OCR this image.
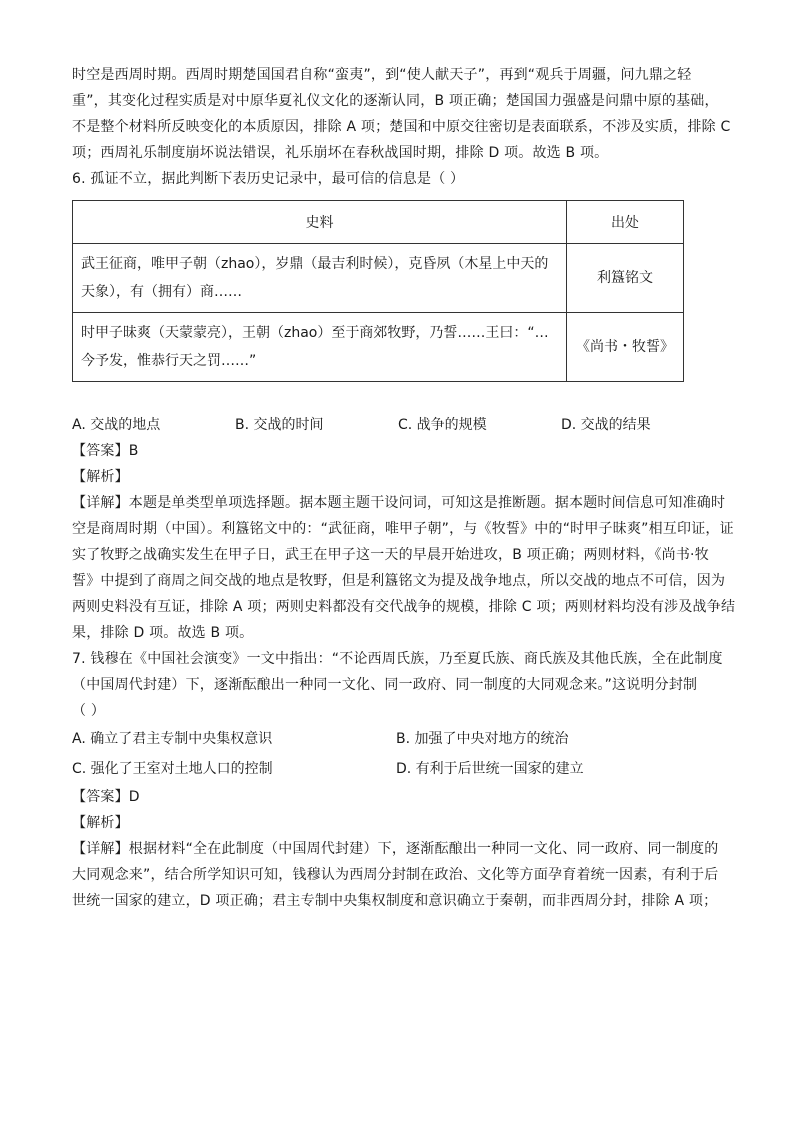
时空是西周时期。西周时期楚国国君自称“蛮夷”，到“使人献天子”，再到“观兵于周疆，问九鼎之轻
重”，其变化过程实质是对中原华夏礼仪文化的逐渐认同，B 项正确；楚国国力强盛是问鼎中原的基础，
不是整个材料所反映变化的本质原因，排除 A 项；楚国和中原交往密切是表面联系，不涉及实质，排除 C
项；西周礼乐制度崩坏说法错误，礼乐崩坏在春秋战国时期，排除 D 项。故选 B 项。
6. 孤证不立，据此判断下表历史记录中，最可信的信息是（ ）
史料	出处
武王征商，唯甲子朝（zhao），岁鼎（最吉利时候），克昏夙（木星上中天的天象），有（拥有）商……	利簋铭文
时甲子昧爽（天蒙蒙亮），王朝（zhao）至于商郊牧野，乃誓……王曰：“…今予发，惟恭行天之罚……”	《尚书・牧誓》
A. 交战的地点	B. 交战的时间	C. 战争的规模	D. 交战的结果
【答案】B
【解析】
【详解】本题是单类型单项选择题。据本题主题干设问词，可知这是推断题。据本题时间信息可知准确时
空是商周时期（中国）。利簋铭文中的：“武征商，唯甲子朝”，与《牧誓》中的“时甲子昧爽”相互印证，证
实了牧野之战确实发生在甲子日，武王在甲子这一天的早晨开始进攻，B 项正确；两则材料，《尚书·牧
誓》中提到了商周之间交战的地点是牧野，但是利簋铭文为提及战争地点，所以交战的地点不可信，因为
两则史料没有互证，排除 A 项；两则史料都没有交代战争的规模，排除 C 项；两则材料均没有涉及战争结
果，排除 D 项。故选 B 项。
7. 钱穆在《中国社会演变》一文中指出：“不论西周氏族，乃至夏氏族、商氏族及其他氏族，全在此制度
（中国周代封建）下，逐渐酝酿出一种同一文化、同一政府、同一制度的大同观念来。”这说明分封制
（ ）
A. 确立了君主专制中央集权意识	B. 加强了中央对地方的统治
C. 强化了王室对土地人口的控制	D. 有利于后世统一国家的建立
【答案】D
【解析】
【详解】根据材料“全在此制度（中国周代封建）下，逐渐酝酿出一种同一文化、同一政府、同一制度的
大同观念来”，结合所学知识可知，钱穆认为西周分封制在政治、文化等方面孕育着统一因素，有利于后
世统一国家的建立，D 项正确；君主专制中央集权制度和意识确立于秦朝，而非西周分封，排除 A 项；
